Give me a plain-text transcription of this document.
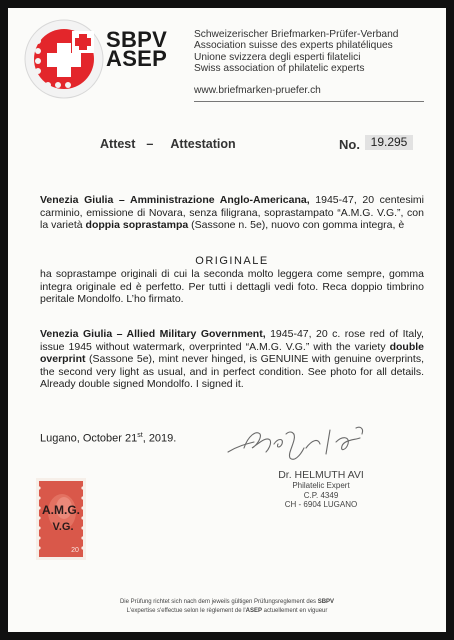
SBPV
ASEP
Schweizerischer Briefmarken-Prüfer-Verband
Association suisse des experts philatéliques
Unione svizzera degli esperti filatelici
Swiss association of philatelic experts
www.briefmarken-pruefer.ch
Attest – Attestation	No. 19.295
Venezia Giulia – Amministrazione Anglo-Americana, 1945-47, 20 centesimi carminio, emissione di Novara, senza filigrana, soprastampato “A.M.G. V.G.”, con la varietà doppia soprastampa (Sassone n. 5e), nuovo con gomma integra, è
ORIGINALE
ha soprastampe originali di cui la seconda molto leggera come sempre, gomma integra originale ed è perfetto. Per tutti i dettagli vedi foto. Reca doppio timbrino peritale Mondolfo. L’ho firmato.
Venezia Giulia – Allied Military Government, 1945-47, 20 c. rose red of Italy, issue 1945 without watermark, overprinted “A.M.G. V.G.” with the variety double overprint (Sassone 5e), mint never hinged, is GENUINE with genuine overprints, the second very light as usual, and in perfect condition. See photo for all details. Already double signed Mondolfo. I signed it.
Lugano, October 21st, 2019.
Dr. HELMUTH AVI
Philatelic Expert
C.P. 4349
CH - 6904 LUGANO
A.M.G.
V.G.
20
Die Prüfung richtet sich nach dem jeweils gültigen Prüfungsreglement des SBPV
L'expertise s'effectue selon le règlement de l'ASEP actuellement en vigueur
